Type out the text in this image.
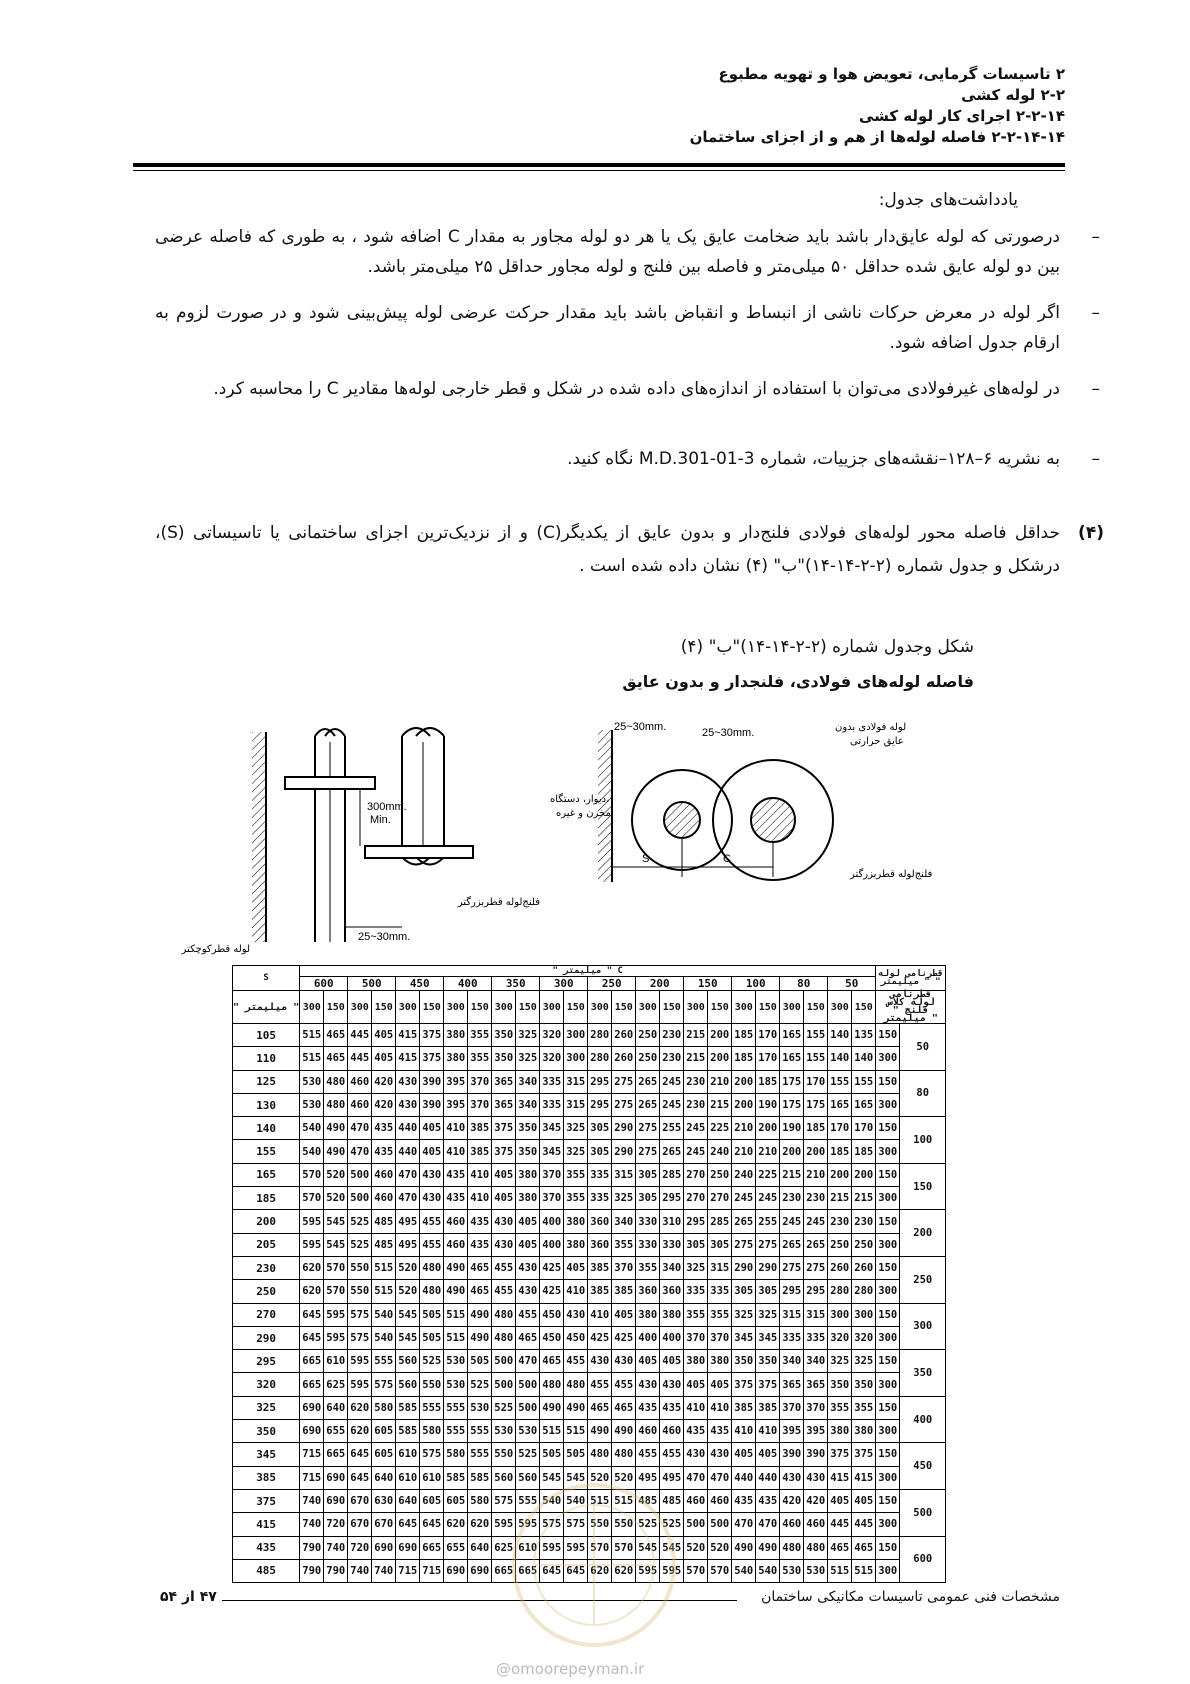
۲ تاسیسات گرمایی، تعویض هوا و تهویه مطبوع
۲-۲ لوله کشی
۲-۲-۱۴ اجرای کار لوله کشی
۲-۲-۱۴-۱۴ فاصله لوله‌ها از هم و از اجزای ساختمان
یادداشت‌های جدول:
–
درصورتی که لوله عایق‌دار باشد باید ضخامت عایق یک یا هر دو لوله مجاور به مقدار C اضافه شود ، به طوری که فاصله عرضی بین دو لوله عایق شده حداقل ۵۰ میلی‌متر و فاصله بین فلنج و لوله مجاور حداقل ۲۵ میلی‌متر باشد.
–
اگر لوله در معرض حرکات ناشی از انبساط و انقباض باشد باید مقدار حرکت عرضی لوله پیش‌بینی شود و در صورت لزوم به ارقام جدول اضافه شود.
–
در لوله‌های غیرفولادی می‌توان با استفاده از اندازه‌های داده شده در شکل و قطر خارجی لوله‌ها مقادیر C را محاسبه کرد.
–
به نشریه ۶–۱۲۸–نقشه‌های جزییات، شماره 3-01-M.D.301 نگاه کنید.
(۴)
حداقل فاصله محور لوله‌های فولادی فلنج‌دار و بدون عایق از یکدیگر(C) و از نزدیک‌ترین اجزای ساختمانی یا تاسیساتی (S)، درشکل و جدول شماره (۲-۲-۱۴-۱۴)"ب" (۴) نشان داده شده است .
شکل وجدول شماره (۲-۲-۱۴-۱۴)"ب" (۴)
فاصله لوله‌های فولادی، فلنجدار و بدون عایق
300mm.
Min.
25~30mm.
لوله قطرکوچکتر
فلنج‌لوله قطربزرگتر
دیوار، دستگاه،
مخزن و غیره
25~30mm.	25~30mm.	لوله فولادی بدون
عایق حرارتی
S	C
فلنج‌لوله قطربزرگتر
S	" میلیمتر " C																								قطرنامی لوله " میلیمتر "	
	600		500		450		400		350		300		250		200		150		100		80		50			
" میلیمتر "	300	150	300	150	300	150	300	150	300	150	300	150	300	150	300	150	300	150	300	150	300	150	300	150	قطرنامی لوله کلاس فلنج " میلیمتر "	
105	515	465	445	405	415	375	380	355	350	325	320	300	280	260	250	230	215	200	185	170	165	155	140	135	150	50
110	515	465	445	405	415	375	380	355	350	325	320	300	280	260	250	230	215	200	185	170	165	155	140	140	300	
125	530	480	460	420	430	390	395	370	365	340	335	315	295	275	265	245	230	210	200	185	175	170	155	155	150	80
130	530	480	460	420	430	390	395	370	365	340	335	315	295	275	265	245	230	215	200	190	175	175	165	165	300	
140	540	490	470	435	440	405	410	385	375	350	345	325	305	290	275	255	245	225	210	200	190	185	170	170	150	100
155	540	490	470	435	440	405	410	385	375	350	345	325	305	290	275	265	245	240	210	210	200	200	185	185	300	
165	570	520	500	460	470	430	435	410	405	380	370	355	335	315	305	285	270	250	240	225	215	210	200	200	150	150
185	570	520	500	460	470	430	435	410	405	380	370	355	335	325	305	295	270	270	245	245	230	230	215	215	300	
200	595	545	525	485	495	455	460	435	430	405	400	380	360	340	330	310	295	285	265	255	245	245	230	230	150	200
205	595	545	525	485	495	455	460	435	430	405	400	380	360	355	330	330	305	305	275	275	265	265	250	250	300	
230	620	570	550	515	520	480	490	465	455	430	425	405	385	370	355	340	325	315	290	290	275	275	260	260	150	250
250	620	570	550	515	520	480	490	465	455	430	425	410	385	385	360	360	335	335	305	305	295	295	280	280	300	
270	645	595	575	540	545	505	515	490	480	455	450	430	410	405	380	380	355	355	325	325	315	315	300	300	150	300
290	645	595	575	540	545	505	515	490	480	465	450	450	425	425	400	400	370	370	345	345	335	335	320	320	300	
295	665	610	595	555	560	525	530	505	500	470	465	455	430	430	405	405	380	380	350	350	340	340	325	325	150	350
320	665	625	595	575	560	550	530	525	500	500	480	480	455	455	430	430	405	405	375	375	365	365	350	350	300	
325	690	640	620	580	585	555	555	530	525	500	490	490	465	465	435	435	410	410	385	385	370	370	355	355	150	400
350	690	655	620	605	585	580	555	555	530	530	515	515	490	490	460	460	435	435	410	410	395	395	380	380	300	
345	715	665	645	605	610	575	580	555	550	525	505	505	480	480	455	455	430	430	405	405	390	390	375	375	150	450
385	715	690	645	640	610	610	585	585	560	560	545	545	520	520	495	495	470	470	440	440	430	430	415	415	300	
375	740	690	670	630	640	605	605	580	575	555	540	540	515	515	485	485	460	460	435	435	420	420	405	405	150	500
415	740	720	670	670	645	645	620	620	595	595	575	575	550	550	525	525	500	500	470	470	460	460	445	445	300	
435	790	740	720	690	690	665	655	640	625	610	595	595	570	570	545	545	520	520	490	490	480	480	465	465	150	600
485	790	790	740	740	715	715	690	690	665	665	645	645	620	620	595	595	570	570	540	540	530	530	515	515	300	
مشخصات فنی عمومی تاسیسات مکانیکی ساختمان
۴۷ از ۵۴
@omoorepeyman.ir
